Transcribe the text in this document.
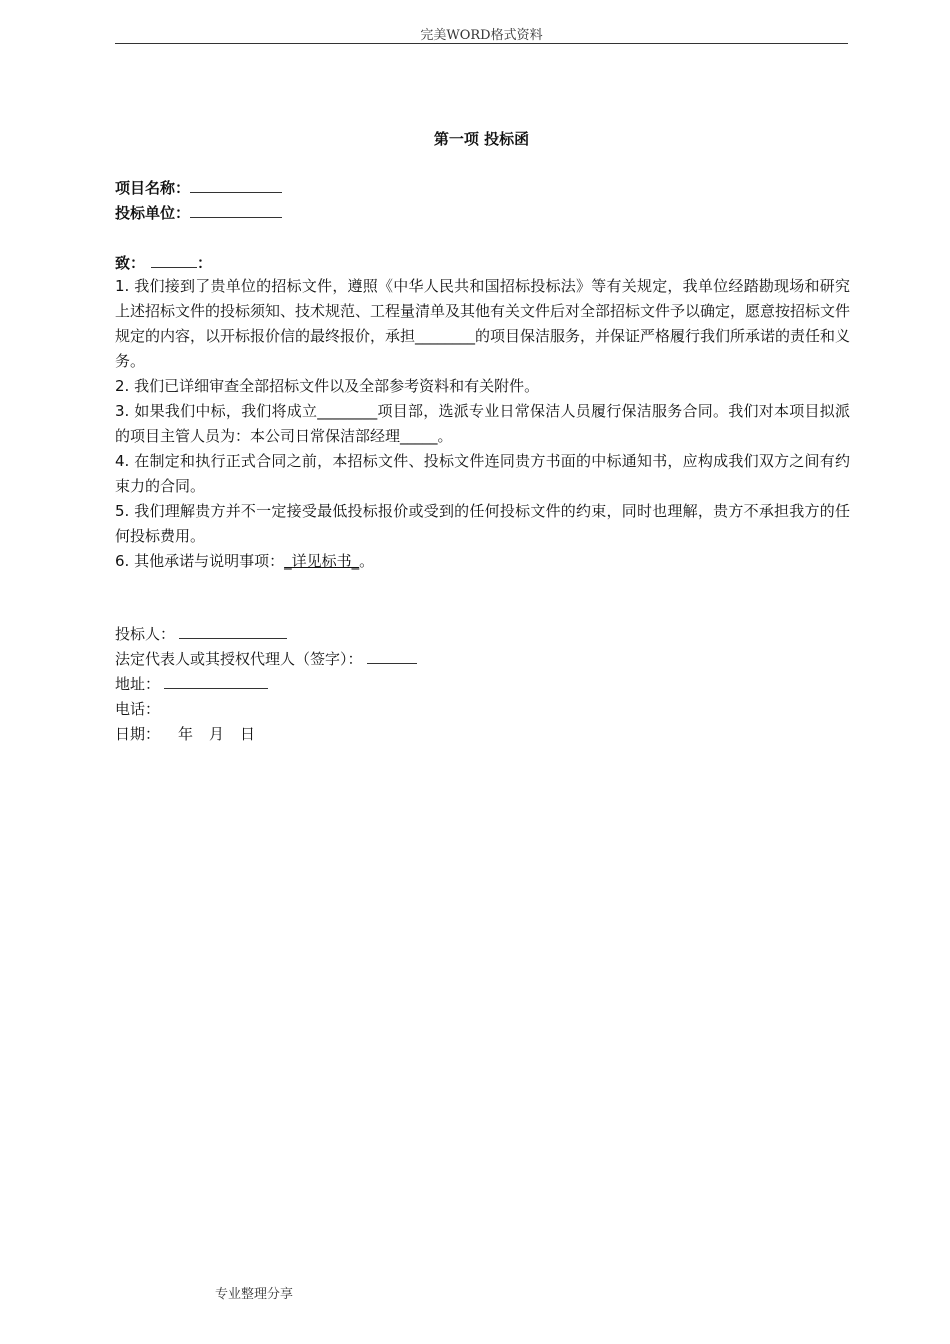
完美WORD格式资料
第一项 投标函
项目名称：
投标单位：
致：	：

1. 我们接到了贵单位的招标文件，遵照《中华人民共和国招标投标法》等有关规定，我单位经踏勘现场和研究上述招标文件的投标须知、技术规范、工程量清单及其他有关文件后对全部招标文件予以确定，愿意按招标文件规定的内容，以开标报价信的最终报价，承担________的项目保洁服务，并保证严格履行我们所承诺的责任和义务。

2. 我们已详细审查全部招标文件以及全部参考资料和有关附件。

3. 如果我们中标，我们将成立________项目部，选派专业日常保洁人员履行保洁服务合同。我们对本项目拟派的项目主管人员为：本公司日常保洁部经理_____。

4. 在制定和执行正式合同之前，本招标文件、投标文件连同贵方书面的中标通知书，应构成我们双方之间有约束力的合同。

5. 我们理解贵方并不一定接受最低投标报价或受到的任何投标文件的约束，同时也理解，贵方不承担我方的任何投标费用。

6. 其他承诺与说明事项：_详见标书_。

投标人：
法定代表人或其授权代理人（签字）：
地址：
电话：
日期： 年 月 日
专业整理分享
